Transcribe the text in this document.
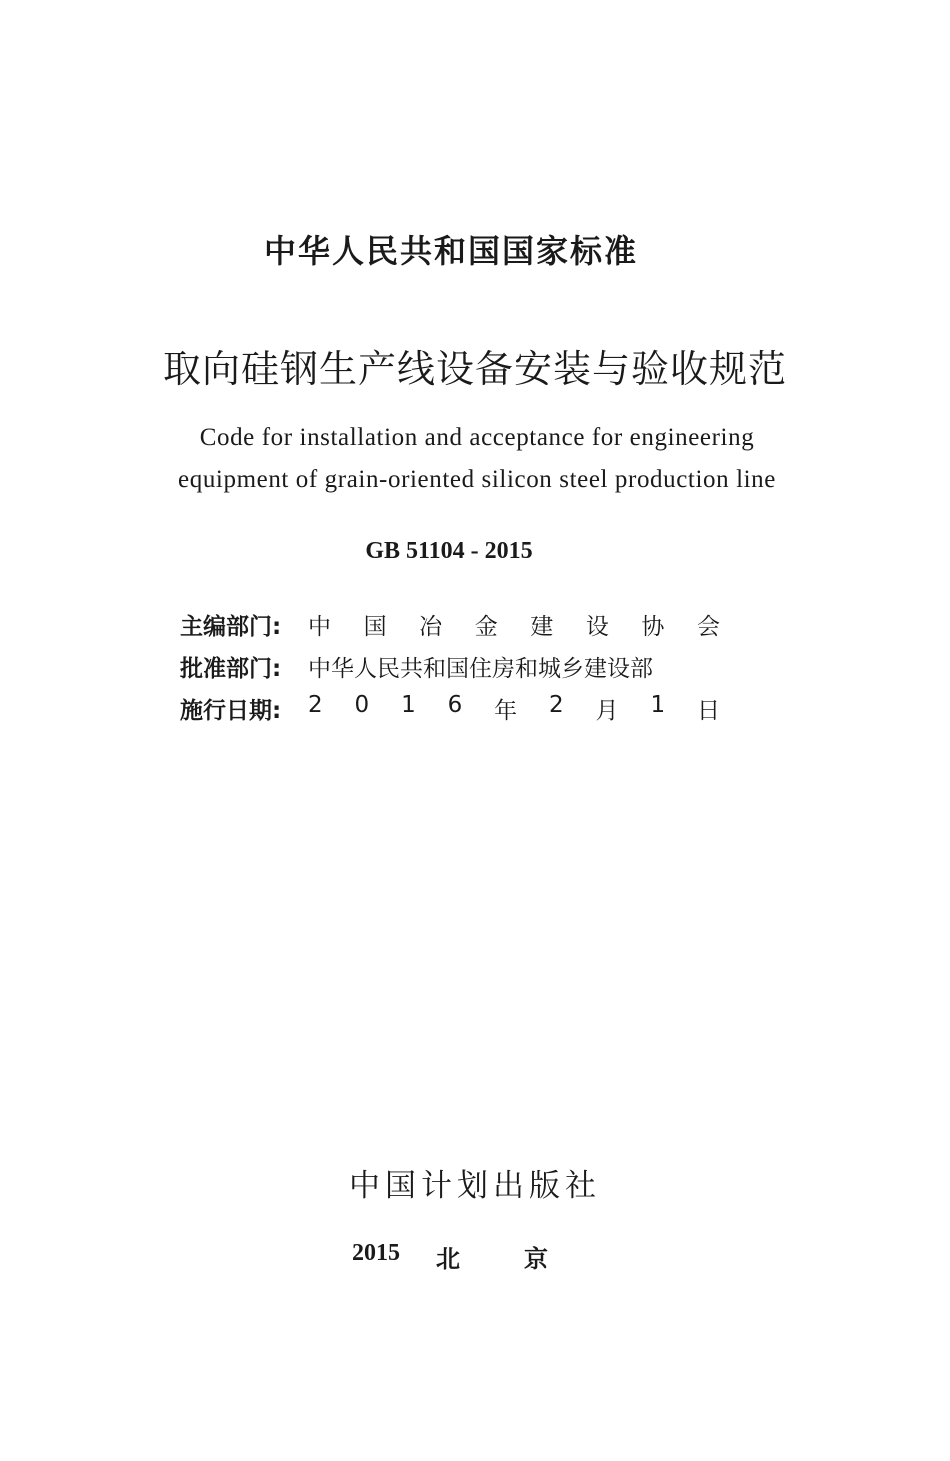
中华人民共和国国家标准
取向硅钢生产线设备安装与验收规范
Code for installation and acceptance for engineering
equipment of grain-oriented silicon steel production line
GB 51104 - 2015
主编部门: 中 国 冶 金 建 设 协 会
批准部门: 中华人民共和国住房和城乡建设部
施行日期: 2 0 1 6 年 2 月 1 日
中国计划出版社
2015 北	京
